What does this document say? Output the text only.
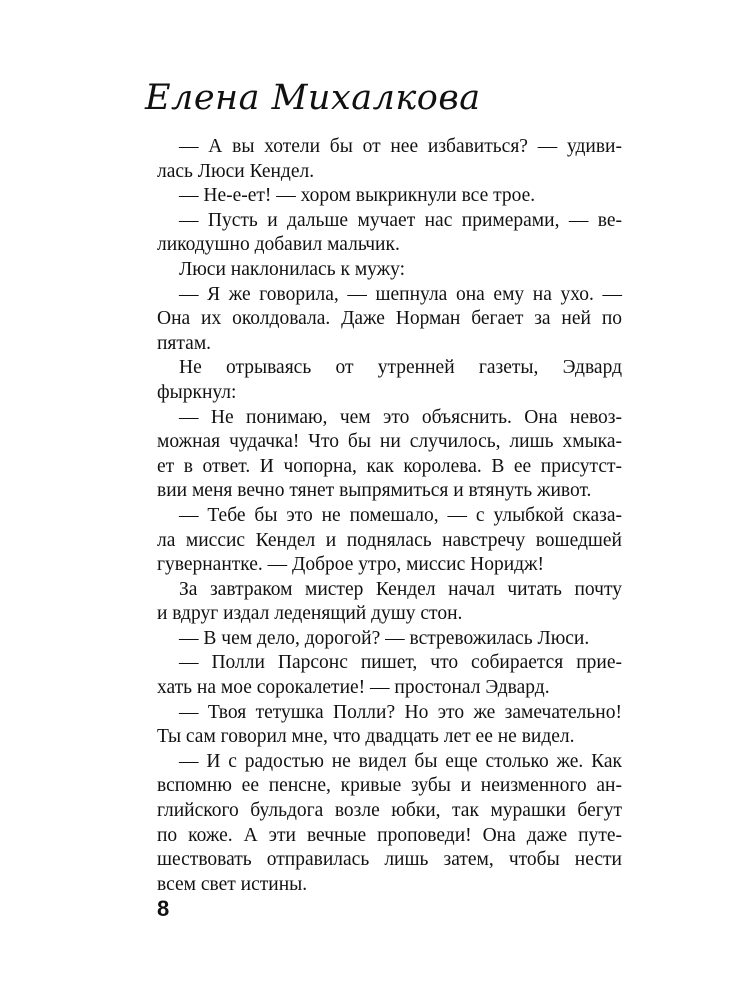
Елена Михалкова
— А вы хотели бы от нее избавиться? — удиви-
лась Люси Кендел.
— Не-е-ет! — хором выкрикнули все трое.
— Пусть и дальше мучает нас примерами, — ве-
ликодушно добавил мальчик.
Люси наклонилась к мужу:
— Я же говорила, — шепнула она ему на ухо. —
Она их околдовала. Даже Норман бегает за ней по
пятам.
Не отрываясь от утренней газеты, Эдвард
фыркнул:
— Не понимаю, чем это объяснить. Она невоз-
можная чудачка! Что бы ни случилось, лишь хмыка-
ет в ответ. И чопорна, как королева. В ее присутст-
вии меня вечно тянет выпрямиться и втянуть живот.
— Тебе бы это не помешало, — с улыбкой сказа-
ла миссис Кендел и поднялась навстречу вошедшей
гувернантке. — Доброе утро, миссис Норидж!
За завтраком мистер Кендел начал читать почту
и вдруг издал леденящий душу стон.
— В чем дело, дорогой? — встревожилась Люси.
— Полли Парсонс пишет, что собирается прие-
хать на мое сорокалетие! — простонал Эдвард.
— Твоя тетушка Полли? Но это же замечательно!
Ты сам говорил мне, что двадцать лет ее не видел.
— И с радостью не видел бы еще столько же. Как
вспомню ее пенсне, кривые зубы и неизменного ан-
глийского бульдога возле юбки, так мурашки бегут
по коже. А эти вечные проповеди! Она даже путе-
шествовать отправилась лишь затем, чтобы нести
всем свет истины.
8
